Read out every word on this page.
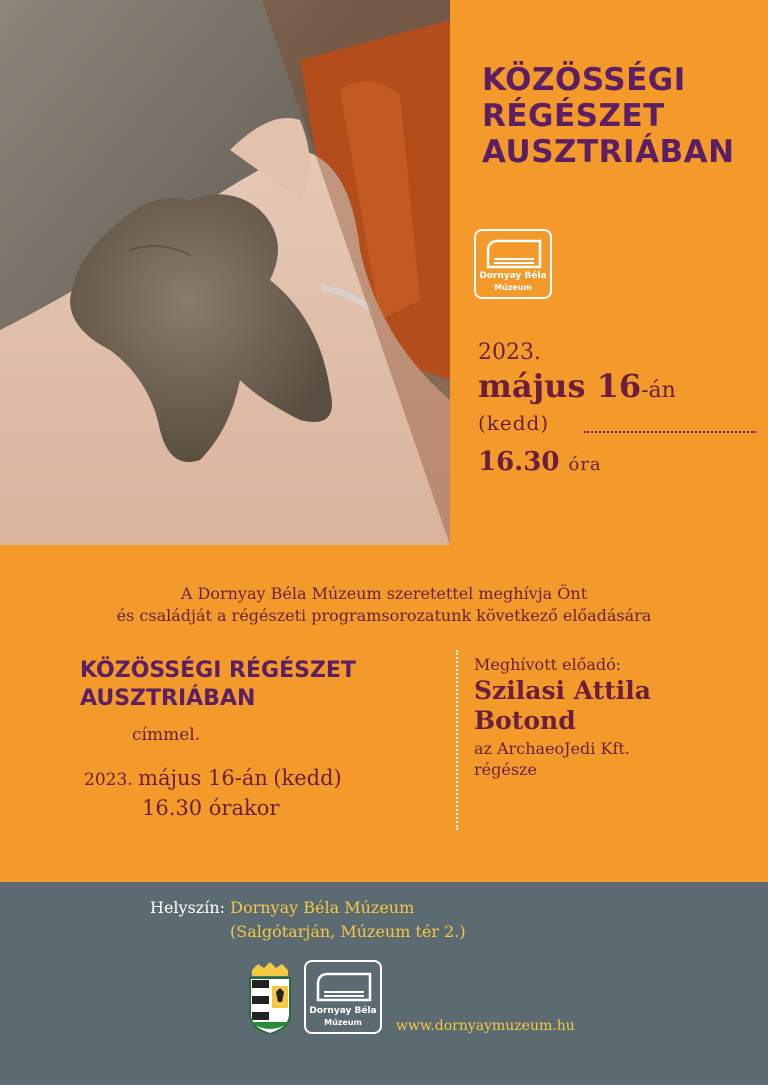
KÖZÖSSÉGI
RÉGÉSZET
AUSZTRIÁBAN
Dornyay Béla
Múzeum
2023.
május 16-án
(kedd)
16.30 óra
A Dornyay Béla Múzeum szeretettel meghívja Önt
és családját a régészeti programsorozatunk következő előadására
KÖZÖSSÉGI RÉGÉSZET
AUSZTRIÁBAN
címmel.
2023. május 16-án (kedd)
16.30 órakor
Meghívott előadó:
Szilasi Attila
Botond
az ArchaeoJedi Kft.
régésze
Helyszín: Dornyay Béla Múzeum
(Salgótarján, Múzeum tér 2.)
Dornyay Béla
Múzeum	www.dornyaymuzeum.hu
